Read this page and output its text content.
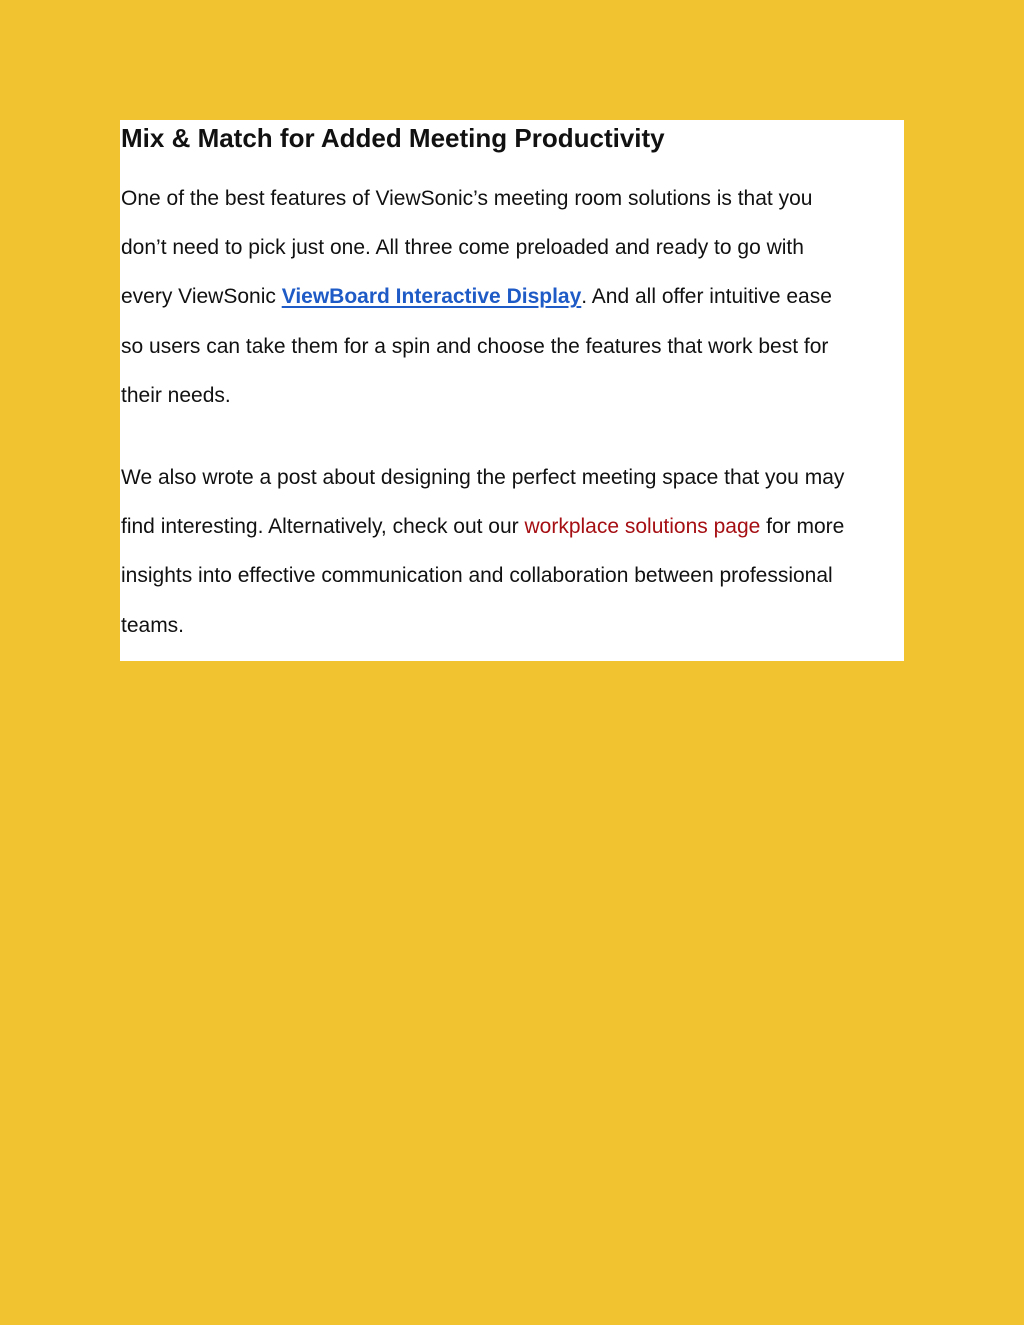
Mix & Match for Added Meeting Productivity
One of the best features of ViewSonic’s meeting room solutions is that you
don’t need to pick just one. All three come preloaded and ready to go with
every ViewSonic ViewBoard Interactive Display. And all offer intuitive ease
so users can take them for a spin and choose the features that work best for
their needs.
We also wrote a post about designing the perfect meeting space that you may
find interesting. Alternatively, check out our workplace solutions page for more
insights into effective communication and collaboration between professional
teams.
